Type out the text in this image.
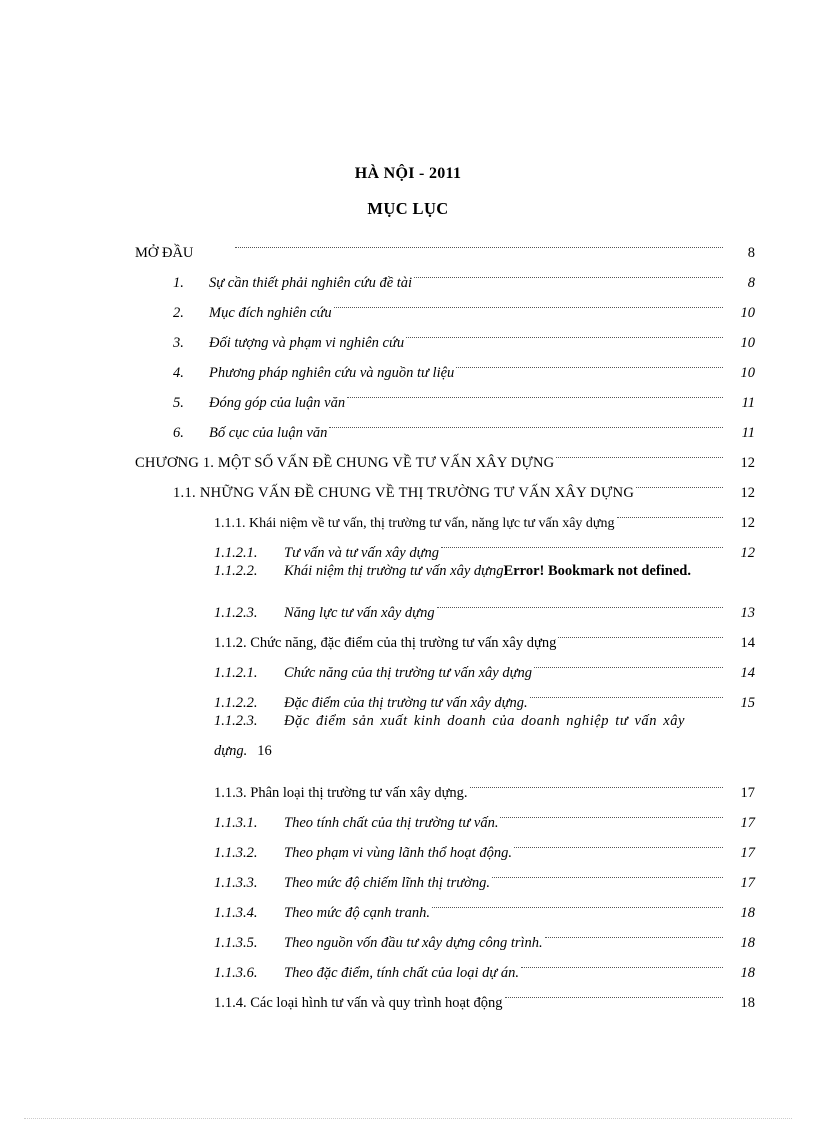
HÀ NỘI - 2011
MỤC LỤC
MỞ ĐẦU	8
1.	Sự cần thiết phải nghiên cứu đề tài	8
2.	Mục đích nghiên cứu	10
3.	Đối tượng và phạm vi nghiên cứu	10
4.	Phương pháp nghiên cứu và nguồn tư liệu	10
5.	Đóng góp của luận văn	11
6.	Bố cục của luận văn	11
CHƯƠNG 1. MỘT SỐ VẤN ĐỀ CHUNG VỀ TƯ VẤN XÂY DỰNG	12
1.1. NHỮNG VẤN ĐỀ CHUNG VỀ THỊ TRƯỜNG TƯ VẤN XÂY DỰNG	12
1.1.1. Khái niệm về tư vấn, thị trường tư vấn, năng lực tư vấn xây dựng	12
1.1.2.1.	Tư vấn và tư vấn xây dựng	12
1.1.2.2.	Khái niệm thị trường tư vấn xây dựng Error! Bookmark not defined.
1.1.2.3.	Năng lực tư vấn xây dựng	13
1.1.2. Chức năng, đặc điểm của thị trường tư vấn xây dựng	14
1.1.2.1.	Chức năng của thị trường tư vấn xây dựng	14
1.1.2.2.	Đặc điểm của thị trường tư vấn xây dựng.	15
1.1.2.3.	Đặc điểm sản xuất kinh doanh của doanh nghiệp tư vấn xây
dựng. 16
1.1.3. Phân loại thị trường tư vấn xây dựng.	17
1.1.3.1.	Theo tính chất của thị trường tư vấn.	17
1.1.3.2.	Theo phạm vi vùng lãnh thổ hoạt động.	17
1.1.3.3.	Theo mức độ chiếm lĩnh thị trường.	17
1.1.3.4.	Theo mức độ cạnh tranh.	18
1.1.3.5.	Theo nguồn vốn đầu tư xây dựng công trình.	18
1.1.3.6.	Theo đặc điểm, tính chất của loại dự án.	18
1.1.4. Các loại hình tư vấn và quy trình hoạt động	18
